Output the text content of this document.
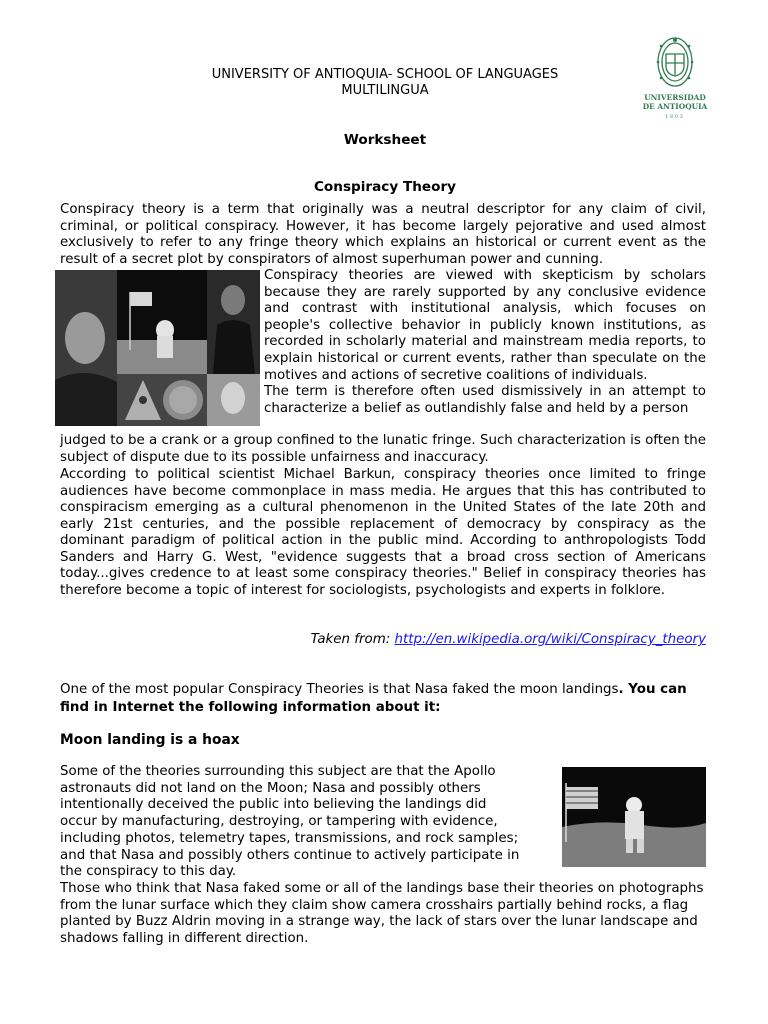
UNIVERSITY OF ANTIOQUIA- SCHOOL OF LANGUAGES
MULTILINGUA	UNIVERSIDAD
DE ANTIOQUIA
1803
Worksheet
Conspiracy Theory
Conspiracy theory is a term that originally was a neutral descriptor for any claim of civil, criminal, or political conspiracy. However, it has become largely pejorative and used almost exclusively to refer to any fringe theory which explains an historical or current event as the result of a secret plot by conspirators of almost superhuman power and cunning.
Conspiracy theories are viewed with skepticism by scholars because they are rarely supported by any conclusive evidence and contrast with institutional analysis, which focuses on people's collective behavior in publicly known institutions, as recorded in scholarly material and mainstream media reports, to explain historical or current events, rather than speculate on the motives and actions of secretive coalitions of individuals.
The term is therefore often used dismissively in an attempt to characterize a belief as outlandishly false and held by a person
judged to be a crank or a group confined to the lunatic fringe. Such characterization is often the subject of dispute due to its possible unfairness and inaccuracy.
According to political scientist Michael Barkun, conspiracy theories once limited to fringe audiences have become commonplace in mass media. He argues that this has contributed to conspiracism emerging as a cultural phenomenon in the United States of the late 20th and early 21st centuries, and the possible replacement of democracy by conspiracy as the dominant paradigm of political action in the public mind. According to anthropologists Todd Sanders and Harry G. West, "evidence suggests that a broad cross section of Americans today...gives credence to at least some conspiracy theories." Belief in conspiracy theories has therefore become a topic of interest for sociologists, psychologists and experts in folklore.
Taken from: http://en.wikipedia.org/wiki/Conspiracy_theory
One of the most popular Conspiracy Theories is that Nasa faked the moon landings. You can find in Internet the following information about it:
Moon landing is a hoax
Some of the theories surrounding this subject are that the Apollo astronauts did not land on the Moon; Nasa and possibly others intentionally deceived the public into believing the landings did occur by manufacturing, destroying, or tampering with evidence, including photos, telemetry tapes, transmissions, and rock samples; and that Nasa and possibly others continue to actively participate in the conspiracy to this day.
Those who think that Nasa faked some or all of the landings base their theories on photographs from the lunar surface which they claim show camera crosshairs partially behind rocks, a flag planted by Buzz Aldrin moving in a strange way, the lack of stars over the lunar landscape and shadows falling in different direction.
